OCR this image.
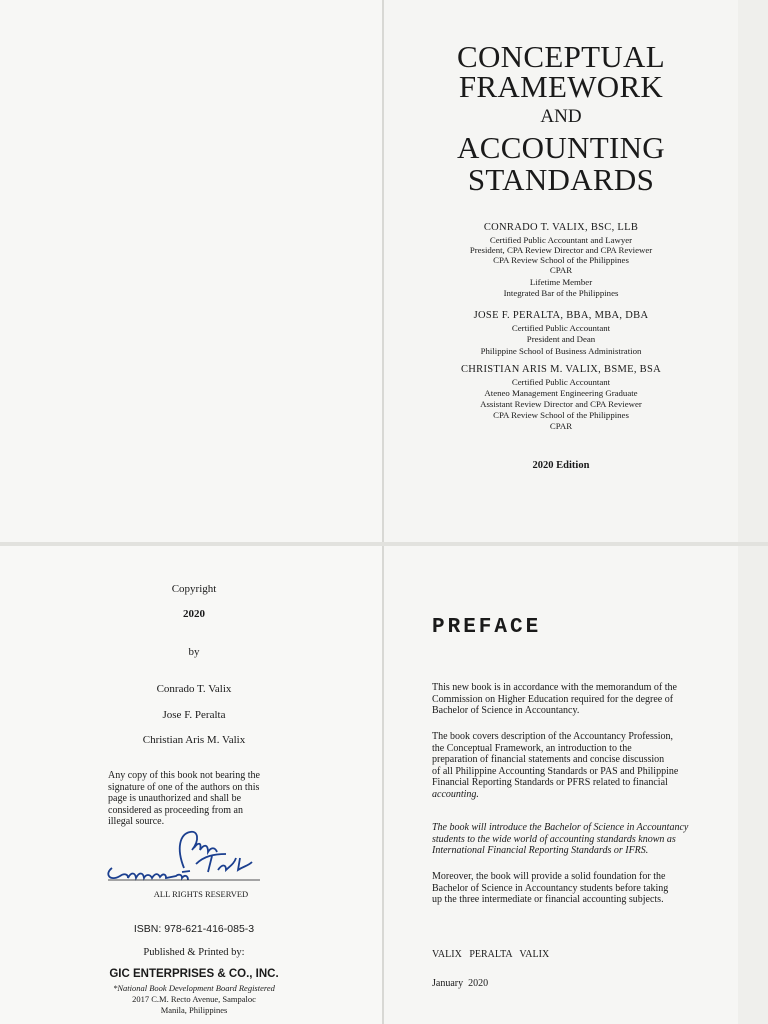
CONCEPTUAL
FRAMEWORK
AND
ACCOUNTING
STANDARDS
CONRADO T. VALIX, BSC, LLB
Certified Public Accountant and Lawyer
President, CPA Review Director and CPA Reviewer
CPA Review School of the Philippines
CPAR
Lifetime Member
Integrated Bar of the Philippines
JOSE F. PERALTA, BBA, MBA, DBA
Certified Public Accountant
President and Dean
Philippine School of Business Administration
CHRISTIAN ARIS M. VALIX, BSME, BSA
Certified Public Accountant
Ateneo Management Engineering Graduate
Assistant Review Director and CPA Reviewer
CPA Review School of the Philippines
CPAR
2020 Edition
Copyright
2020
by
Conrado T. Valix
Jose F. Peralta
Christian Aris M. Valix
Any copy of this book not bearing the
signature of one of the authors on this
page is unauthorized and shall be
considered as proceeding from an
illegal source.
ALL RIGHTS RESERVED
ISBN: 978-621-416-085-3
Published & Printed by:
GIC ENTERPRISES & CO., INC.
*National Book Development Board Registered
2017 C.M. Recto Avenue, Sampaloc
Manila, Philippines
PREFACE
This new book is in accordance with the memorandum of the
Commission on Higher Education required for the degree of
Bachelor of Science in Accountancy.
The book covers description of the Accountancy Profession,
the Conceptual Framework, an introduction to the
preparation of financial statements and concise discussion
of all Philippine Accounting Standards or PAS and Philippine
Financial Reporting Standards or PFRS related to financial
accounting.
The book will introduce the Bachelor of Science in Accountancy
students to the wide world of accounting standards known as
International Financial Reporting Standards or IFRS.
Moreover, the book will provide a solid foundation for the
Bachelor of Science in Accountancy students before taking
up the three intermediate or financial accounting subjects.
VALIX   PERALTA   VALIX
January  2020
